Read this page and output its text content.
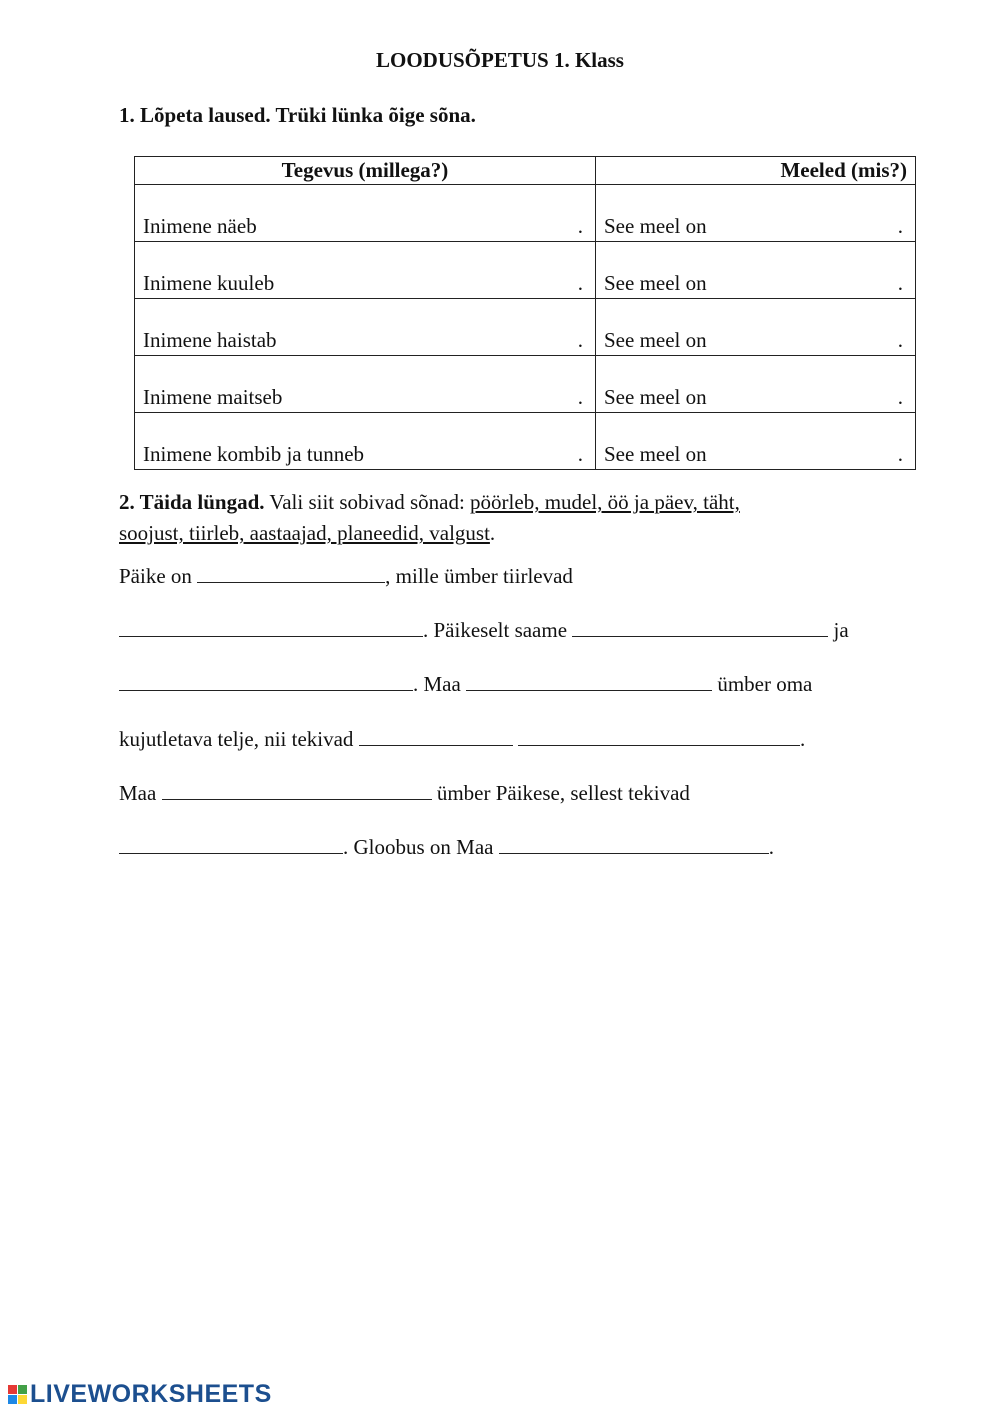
LOODUSÕPETUS 1. Klass
1. Lõpeta laused. Trüki lünka õige sõna.
Tegevus (millega?)	Meeled (mis?)

Inimene näeb .	See meel on .

Inimene kuuleb .	See meel on .

Inimene haistab .	See meel on .

Inimene maitseb .	See meel on .

Inimene kombib ja tunneb .	See meel on .
2. Täida lüngad. Vali siit sobivad sõnad: pöörleb, mudel, öö ja päev, täht,
soojust, tiirleb, aastaajad, planeedid, valgust.
Päike on	, mille ümber tiirlevad
. Päikeselt saame	ja
. Maa	ümber oma
kujutletava telje, nii tekivad	.
Maa	ümber Päikese, sellest tekivad
. Gloobus on Maa	.
LIVEWORKSHEETS
